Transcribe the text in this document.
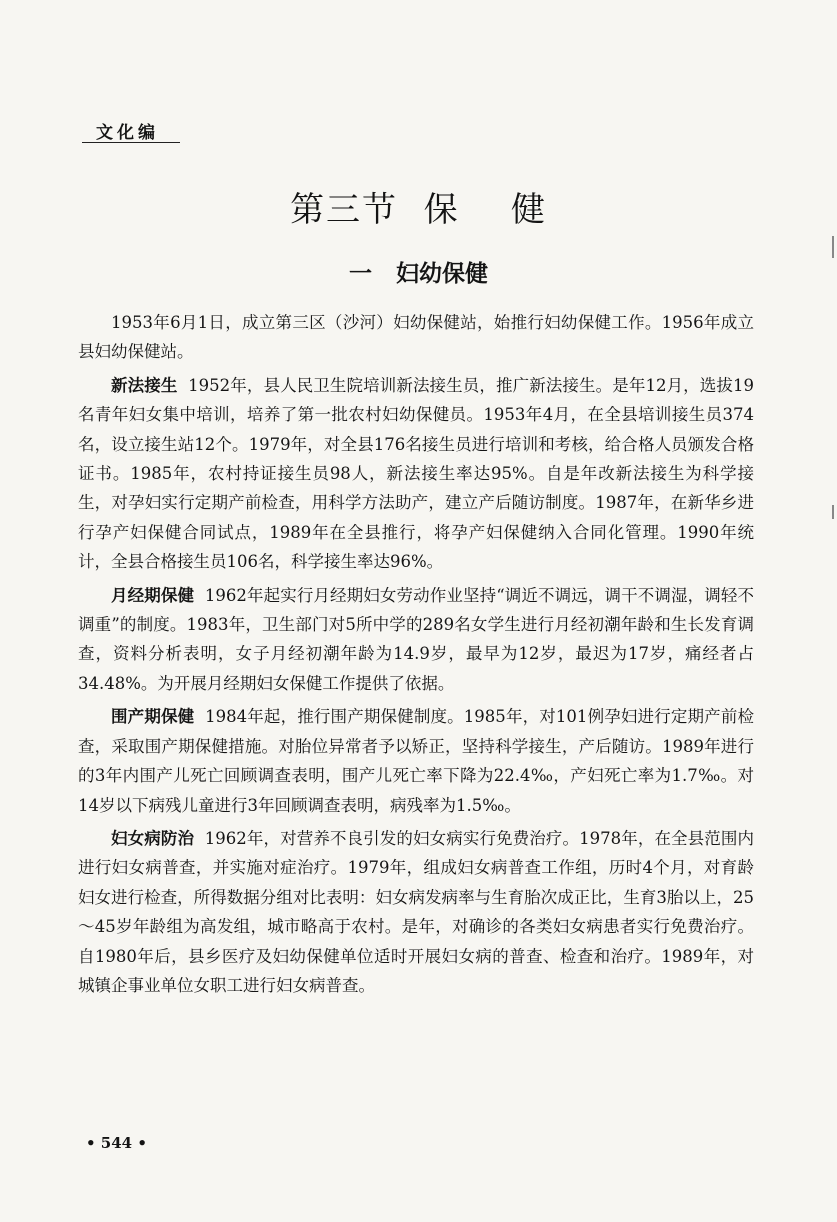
文化编
第三节  保    健
一   妇幼保健

1953年6月1日，成立第三区（沙河）妇幼保健站，始推行妇幼保健工作。1956年成立县妇幼保健站。

新法接生 1952年，县人民卫生院培训新法接生员，推广新法接生。是年12月，选拔19名青年妇女集中培训，培养了第一批农村妇幼保健员。1953年4月，在全县培训接生员374名，设立接生站12个。1979年，对全县176名接生员进行培训和考核，给合格人员颁发合格证书。1985年，农村持证接生员98人，新法接生率达95%。自是年改新法接生为科学接生，对孕妇实行定期产前检查，用科学方法助产，建立产后随访制度。1987年，在新华乡进行孕产妇保健合同试点，1989年在全县推行，将孕产妇保健纳入合同化管理。1990年统计，全县合格接生员106名，科学接生率达96%。

月经期保健 1962年起实行月经期妇女劳动作业坚持“调近不调远，调干不调湿，调轻不调重”的制度。1983年，卫生部门对5所中学的289名女学生进行月经初潮年龄和生长发育调查，资料分析表明，女子月经初潮年龄为14.9岁，最早为12岁，最迟为17岁，痛经者占34.48%。为开展月经期妇女保健工作提供了依据。

围产期保健 1984年起，推行围产期保健制度。1985年，对101例孕妇进行定期产前检查，采取围产期保健措施。对胎位异常者予以矫正，坚持科学接生，产后随访。1989年进行的3年内围产儿死亡回顾调查表明，围产儿死亡率下降为22.4‰，产妇死亡率为1.7‰。对14岁以下病残儿童进行3年回顾调查表明，病残率为1.5‰。

妇女病防治 1962年，对营养不良引发的妇女病实行免费治疗。1978年，在全县范围内进行妇女病普查，并实施对症治疗。1979年，组成妇女病普查工作组，历时4个月，对育龄妇女进行检查，所得数据分组对比表明：妇女病发病率与生育胎次成正比，生育3胎以上，25～45岁年龄组为高发组，城市略高于农村。是年，对确诊的各类妇女病患者实行免费治疗。自1980年后，县乡医疗及妇幼保健单位适时开展妇女病的普查、检查和治疗。1989年，对城镇企事业单位女职工进行妇女病普查。

• 544 •
